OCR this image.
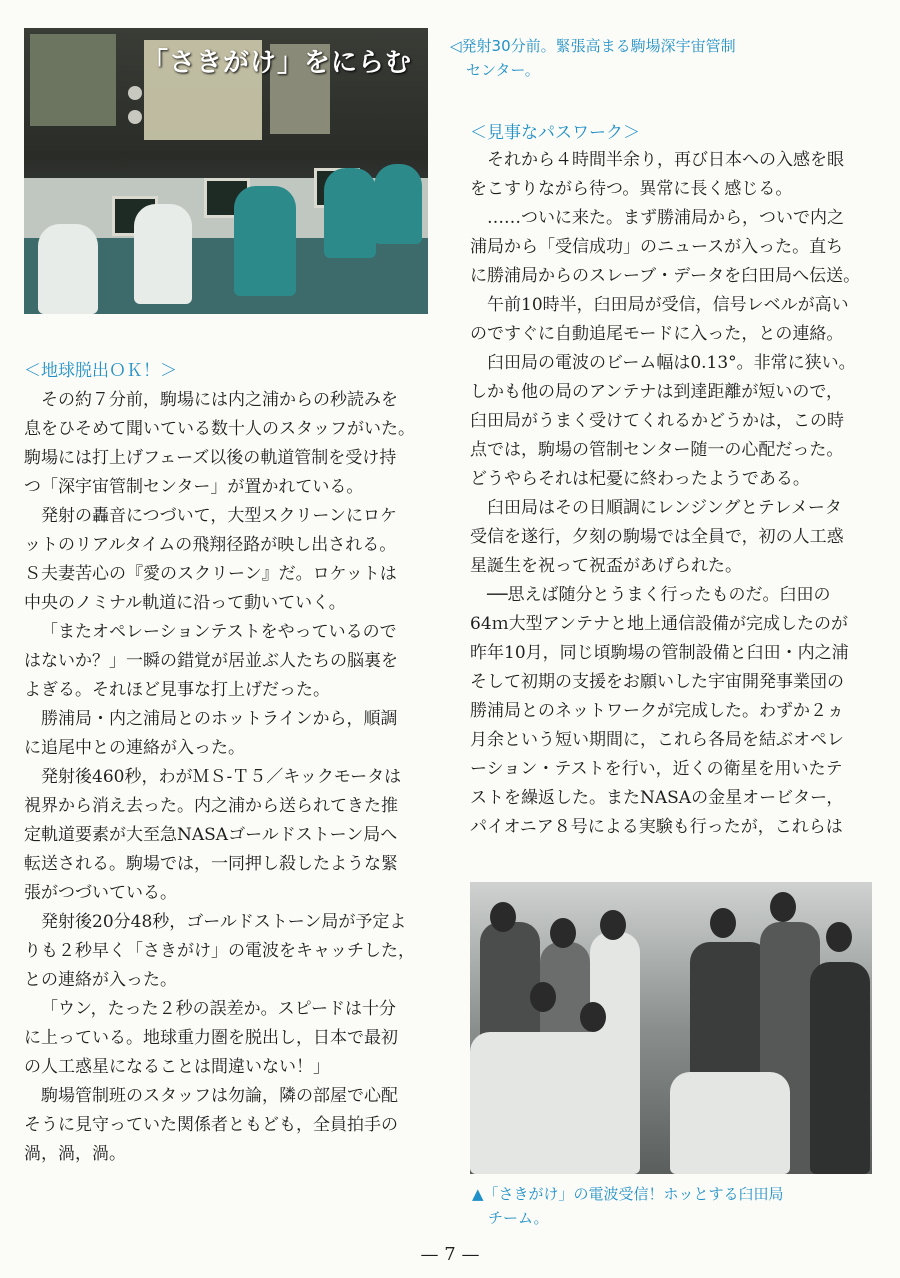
「さきがけ」をにらむ
◁発射30分前。緊張高まる駒場深宇宙管制
センター。
＜地球脱出ＯＫ！＞
その約７分前，駒場には内之浦からの秒読みを
息をひそめて聞いている数十人のスタッフがいた。
駒場には打上げフェーズ以後の軌道管制を受け持
つ「深宇宙管制センター」が置かれている。
発射の轟音につづいて，大型スクリーンにロケ
ットのリアルタイムの飛翔径路が映し出される。
Ｓ夫妻苦心の『愛のスクリーン』だ。ロケットは
中央のノミナル軌道に沿って動いていく。
「またオペレーションテストをやっているので
はないか？」一瞬の錯覚が居並ぶ人たちの脳裏を
よぎる。それほど見事な打上げだった。
勝浦局・内之浦局とのホットラインから，順調
に追尾中との連絡が入った。
発射後460秒，わがＭＳ-Ｔ５／キックモータは
視界から消え去った。内之浦から送られてきた推
定軌道要素が大至急NASAゴールドストーン局へ
転送される。駒場では，一同押し殺したような緊
張がつづいている。
発射後20分48秒，ゴールドストーン局が予定よ
りも２秒早く「さきがけ」の電波をキャッチした，
との連絡が入った。
「ウン，たった２秒の誤差か。スピードは十分
に上っている。地球重力圏を脱出し，日本で最初
の人工惑星になることは間違いない！」
駒場管制班のスタッフは勿論，隣の部屋で心配
そうに見守っていた関係者ともども，全員拍手の
渦，渦，渦。
＜見事なパスワーク＞
それから４時間半余り，再び日本への入感を眼
をこすりながら待つ。異常に長く感じる。
……ついに来た。まず勝浦局から，ついで内之
浦局から「受信成功」のニュースが入った。直ち
に勝浦局からのスレーブ・データを臼田局へ伝送。
午前10時半，臼田局が受信，信号レベルが高い
のですぐに自動追尾モードに入った，との連絡。
臼田局の電波のビーム幅は0.13°。非常に狭い。
しかも他の局のアンテナは到達距離が短いので，
臼田局がうまく受けてくれるかどうかは，この時
点では，駒場の管制センター随一の心配だった。
どうやらそれは杞憂に終わったようである。
臼田局はその日順調にレンジングとテレメータ
受信を遂行，夕刻の駒場では全員で，初の人工惑
星誕生を祝って祝盃があげられた。
──思えば随分とうまく行ったものだ。臼田の
64ｍ大型アンテナと地上通信設備が完成したのが
昨年10月，同じ頃駒場の管制設備と臼田・内之浦
そして初期の支援をお願いした宇宙開発事業団の
勝浦局とのネットワークが完成した。わずか２ヵ
月余という短い期間に，これら各局を結ぶオペレ
ーション・テストを行い，近くの衛星を用いたテ
ストを繰返した。またNASAの金星オービター，
パイオニア８号による実験も行ったが，これらは
▲「さきがけ」の電波受信！ホッとする臼田局
チーム。
— 7 —
